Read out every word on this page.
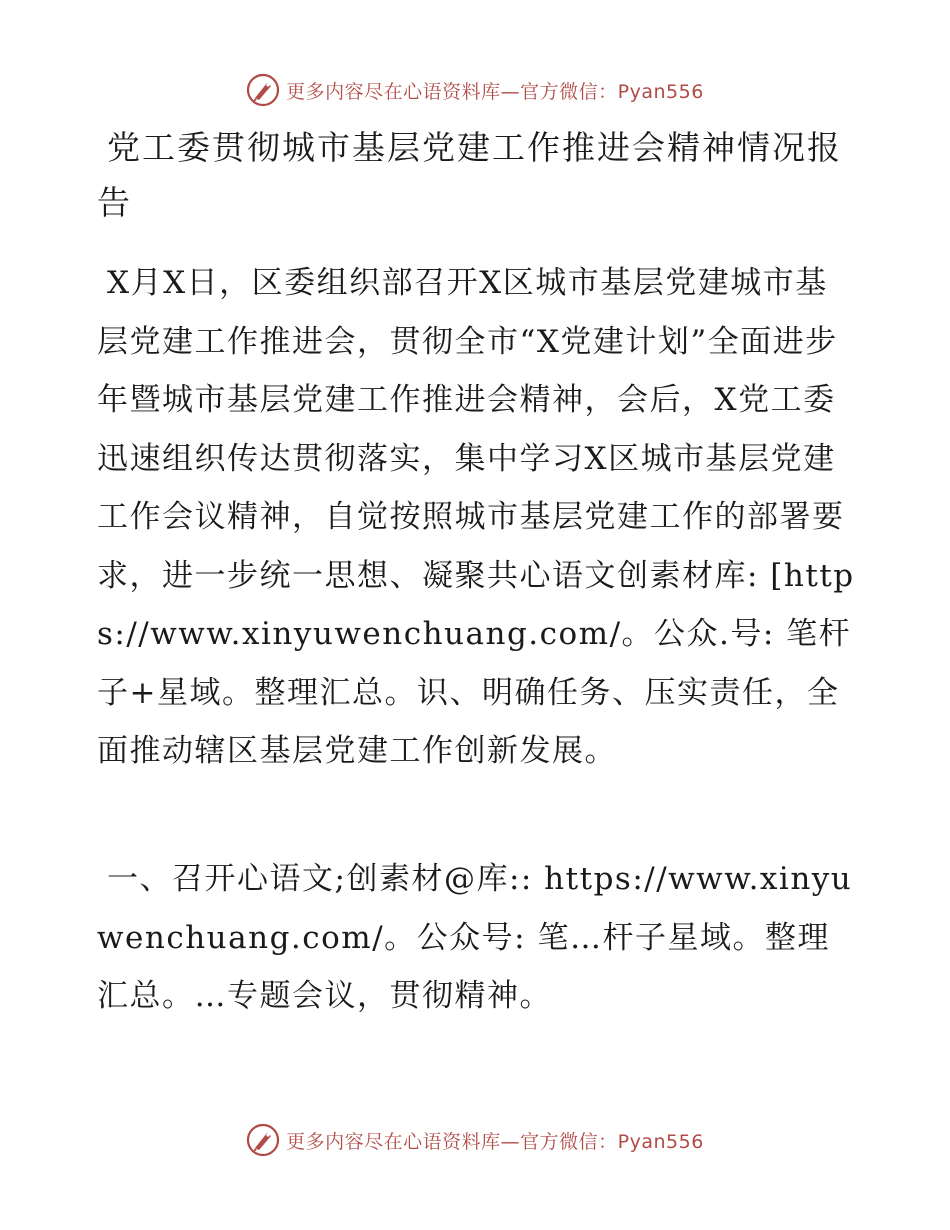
更多内容尽在心语资料库—官方微信：Pyan556
党工委贯彻城市基层党建工作推进会精神情况报告

X月X日，区委组织部召开X区城市基层党建城市基层党建工作推进会，贯彻全市“X党建计划”全面进步年暨城市基层党建工作推进会精神，会后，X党工委迅速组织传达贯彻落实，集中学习X区城市基层党建工作会议精神，自觉按照城市基层党建工作的部署要求，进一步统一思想、凝聚共心语文创素材库: [https://www.xinyuwenchuang.com/。公众.号: 笔杆子+星域。整理汇总。识、明确任务、压实责任，全面推动辖区基层党建工作创新发展。

一、召开心语文;创素材@库:: https://www.xinyuwenchuang.com/。公众号: 笔…杆子星域。整理汇总。…专题会议，贯彻精神。

更多内容尽在心语资料库—官方微信：Pyan556
